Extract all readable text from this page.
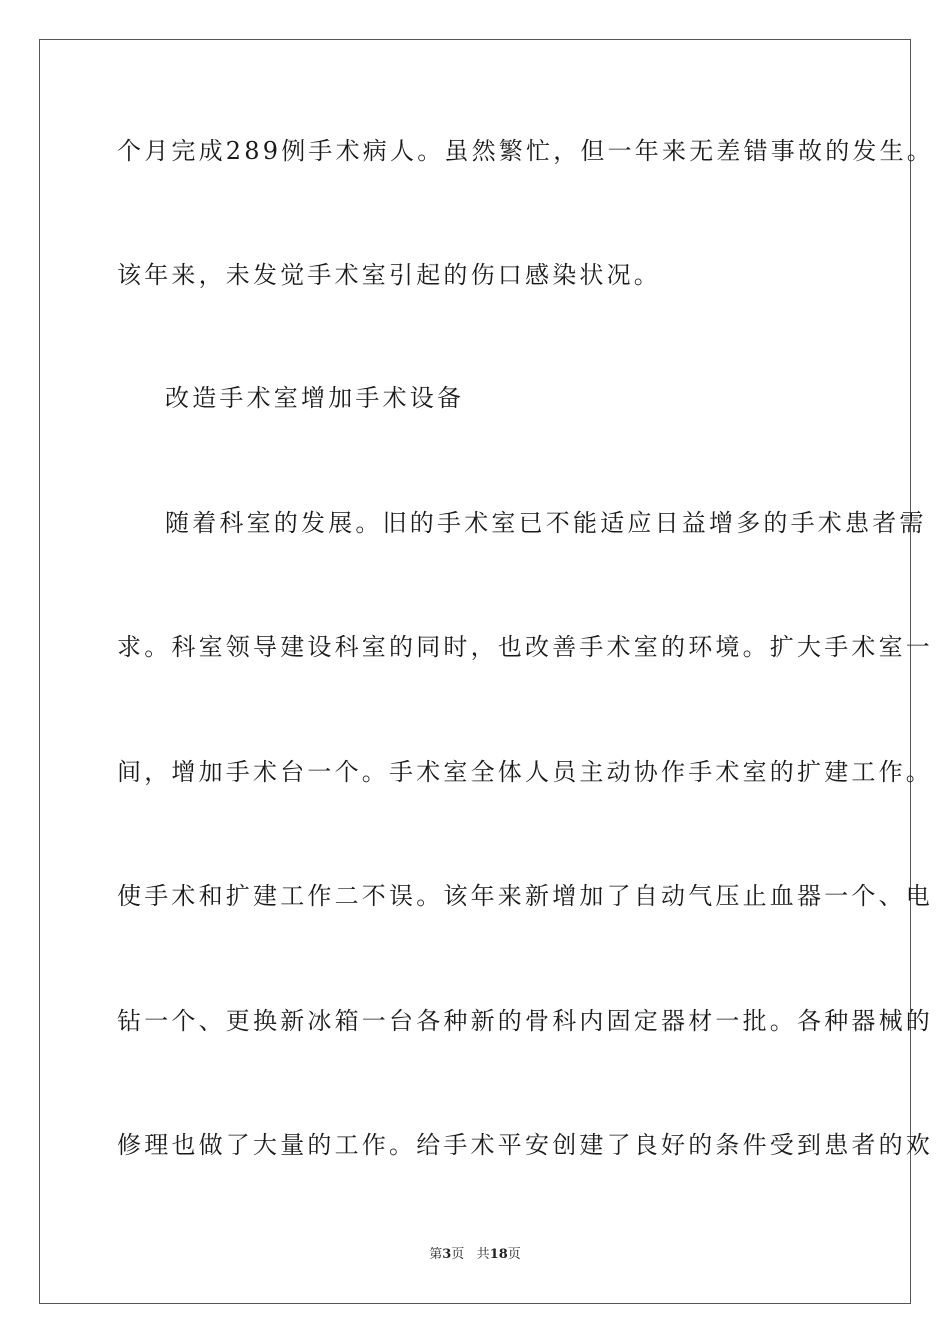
个月完成289例手术病人。虽然繁忙，但一年来无差错事故的发生。
该年来，未发觉手术室引起的伤口感染状况。
改造手术室增加手术设备
随着科室的发展。旧的手术室已不能适应日益增多的手术患者需
求。科室领导建设科室的同时，也改善手术室的环境。扩大手术室一
间，增加手术台一个。手术室全体人员主动协作手术室的扩建工作。
使手术和扩建工作二不误。该年来新增加了自动气压止血器一个、电
钻一个、更换新冰箱一台各种新的骨科内固定器材一批。各种器械的
修理也做了大量的工作。给手术平安创建了良好的条件受到患者的欢
第3页 共18页
